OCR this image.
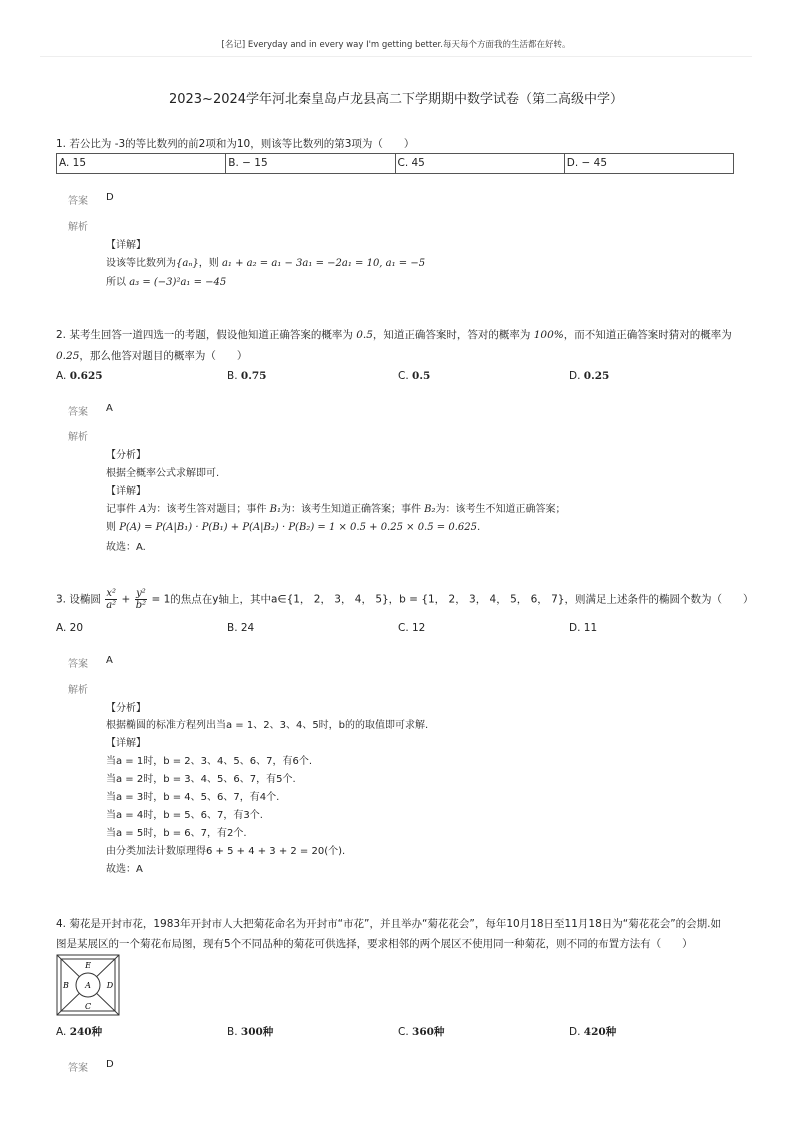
[名记] Everyday and in every way I'm getting better.每天每个方面我的生活都在好转。
2023~2024学年河北秦皇岛卢龙县高二下学期期中数学试卷（第二高级中学）
1. 若公比为 -3的等比数列的前2项和为10，则该等比数列的第3项为（　　）
A. 15	B. − 15	C. 45	D. − 45
答案 D
解析
【详解】
设该等比数列为{aₙ}，则 a₁ + a₂ = a₁ − 3a₁ = −2a₁ = 10, a₁ = −5
所以 a₃ = (−3)²a₁ = −45
2. 某考生回答一道四选一的考题，假设他知道正确答案的概率为 0.5，知道正确答案时，答对的概率为 100%，而不知道正确答案时猜对的概率为
0.25，那么他答对题目的概率为（　　）
A. 0.625	B. 0.75	C. 0.5	D. 0.25
答案 A
解析
【分析】
根据全概率公式求解即可.
【详解】
记事件 A为：该考生答对题目；事件 B₁为：该考生知道正确答案；事件 B₂为：该考生不知道正确答案；
则 P(A) = P(A|B₁) · P(B₁) + P(A|B₂) · P(B₂) = 1 × 0.5 + 0.25 × 0.5 = 0.625.
故选：A.
3. 设椭圆 $\frac{\text{x²}}{\text{a²}} + \frac{\text{y²}}{\text{b²}} = 1$的焦点在y轴上，其中a∈{1， 2， 3， 4， 5}，b = {1， 2， 3， 4， 5， 6， 7}，则满足上述条件的椭圆个数为（　　）
A. 20	B. 24	C. 12	D. 11
答案 A
解析
【分析】
根据椭圆的标准方程列出当a = 1、2、3、4、5时，b的的取值即可求解.
【详解】
当a = 1时，b = 2、3、4、5、6、7，有6个.
当a = 2时，b = 3、4、5、6、7，有5个.
当a = 3时，b = 4、5、6、7，有4个.
当a = 4时，b = 5、6、7，有3个.
当a = 5时，b = 6、7，有2个.
由分类加法计数原理得6 + 5 + 4 + 3 + 2 = 20(个).
故选：A
4. 菊花是开封市花，1983年开封市人大把菊花命名为开封市“市花”，并且举办“菊花花会”，每年10月18日至11月18日为“菊花花会”的会期.如
图是某展区的一个菊花布局图，现有5个不同品种的菊花可供选择，要求相邻的两个展区不使用同一种菊花，则不同的布置方法有（　　）
E
B A D
C
A. 240种	B. 300种	C. 360种	D. 420种
答案 D
